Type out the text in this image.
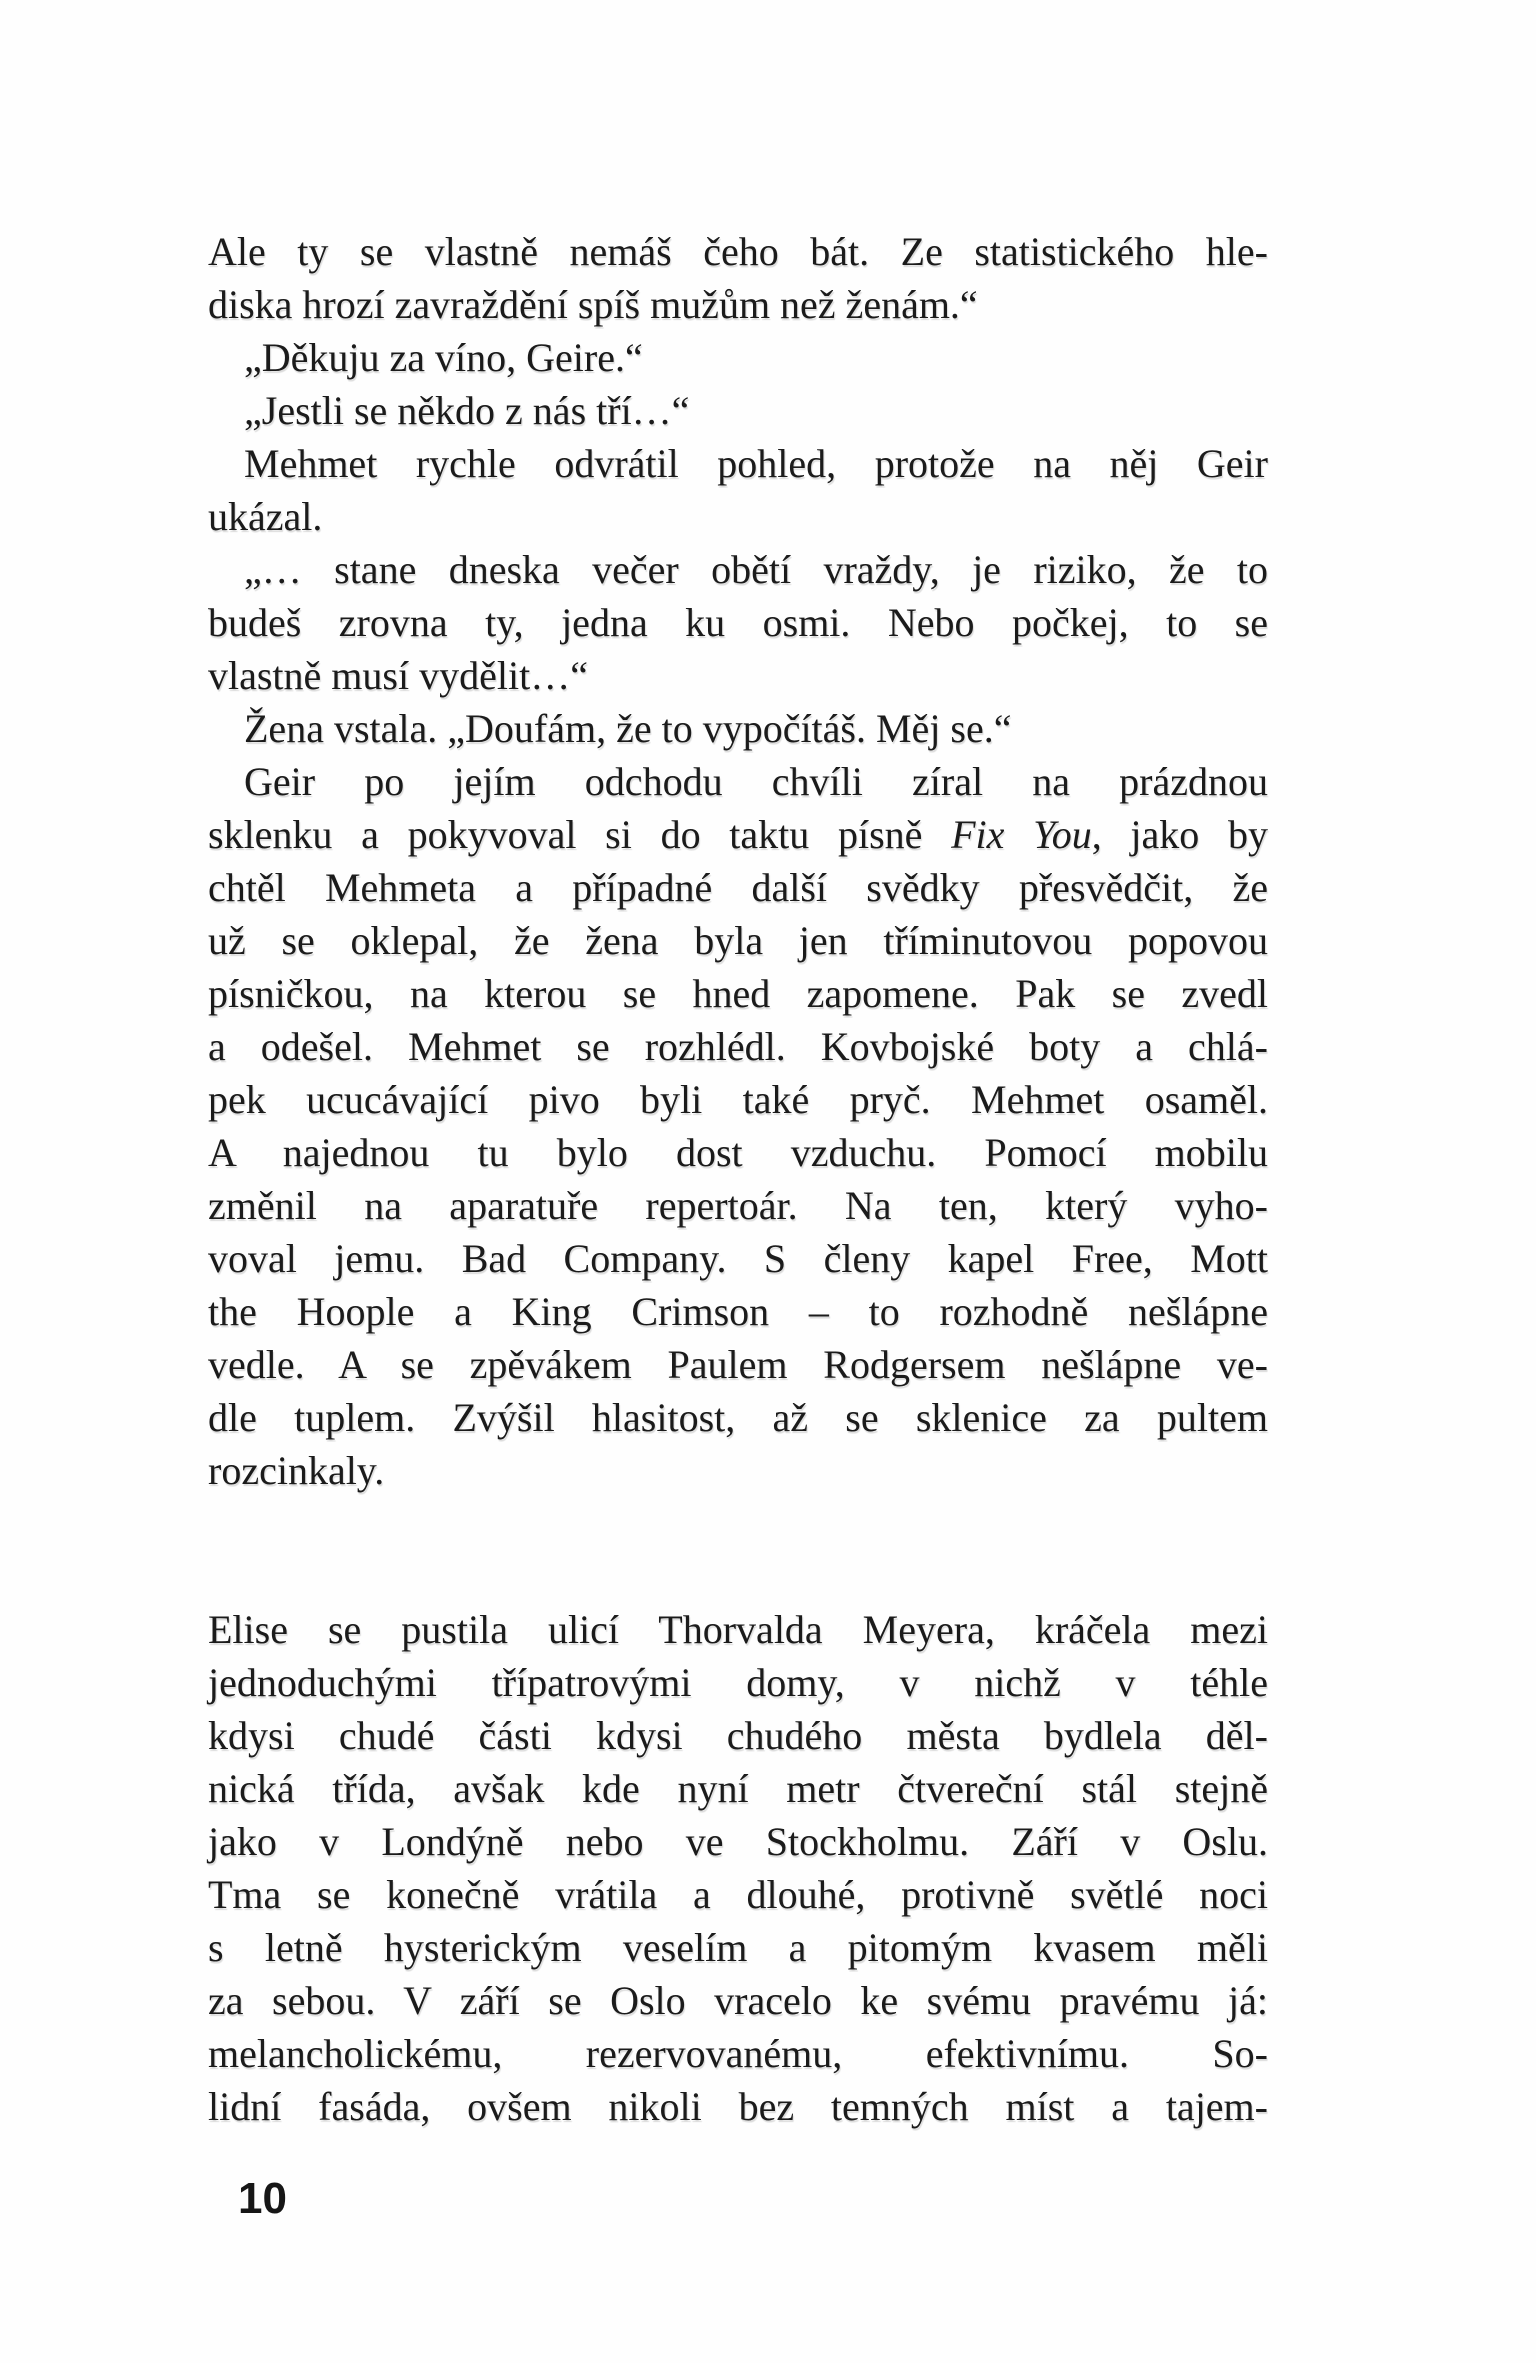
Ale ty se vlastně nemáš čeho bát. Ze statistického hle-
diska hrozí zavraždění spíš mužům než ženám.“
„Děkuju za víno, Geire.“
„Jestli se někdo z nás tří…“
Mehmet rychle odvrátil pohled, protože na něj Geir
ukázal.
„… stane dneska večer obětí vraždy, je riziko, že to
budeš zrovna ty, jedna ku osmi. Nebo počkej, to se
vlastně musí vydělit…“
Žena vstala. „Doufám, že to vypočítáš. Měj se.“
Geir po jejím odchodu chvíli zíral na prázdnou
sklenku a pokyvoval si do taktu písně Fix You, jako by
chtěl Mehmeta a případné další svědky přesvědčit, že
už se oklepal, že žena byla jen tříminutovou popovou
písničkou, na kterou se hned zapomene. Pak se zvedl
a odešel. Mehmet se rozhlédl. Kovbojské boty a chlá-
pek ucucávající pivo byli také pryč. Mehmet osaměl.
A najednou tu bylo dost vzduchu. Pomocí mobilu
změnil na aparatuře repertoár. Na ten, který vyho-
voval jemu. Bad Company. S členy kapel Free, Mott
the Hoople a King Crimson – to rozhodně nešlápne
vedle. A se zpěvákem Paulem Rodgersem nešlápne ve-
dle tuplem. Zvýšil hlasitost, až se sklenice za pultem
rozcinkaly.
Elise se pustila ulicí Thorvalda Meyera, kráčela mezi
jednoduchými třípatrovými domy, v nichž v téhle
kdysi chudé části kdysi chudého města bydlela děl-
nická třída, avšak kde nyní metr čtvereční stál stejně
jako v Londýně nebo ve Stockholmu. Září v Oslu.
Tma se konečně vrátila a dlouhé, protivně světlé noci
s letně hysterickým veselím a pitomým kvasem měli
za sebou. V září se Oslo vracelo ke svému pravému já:
melancholickému, rezervovanému, efektivnímu. So-
lidní fasáda, ovšem nikoli bez temných míst a tajem-
10
